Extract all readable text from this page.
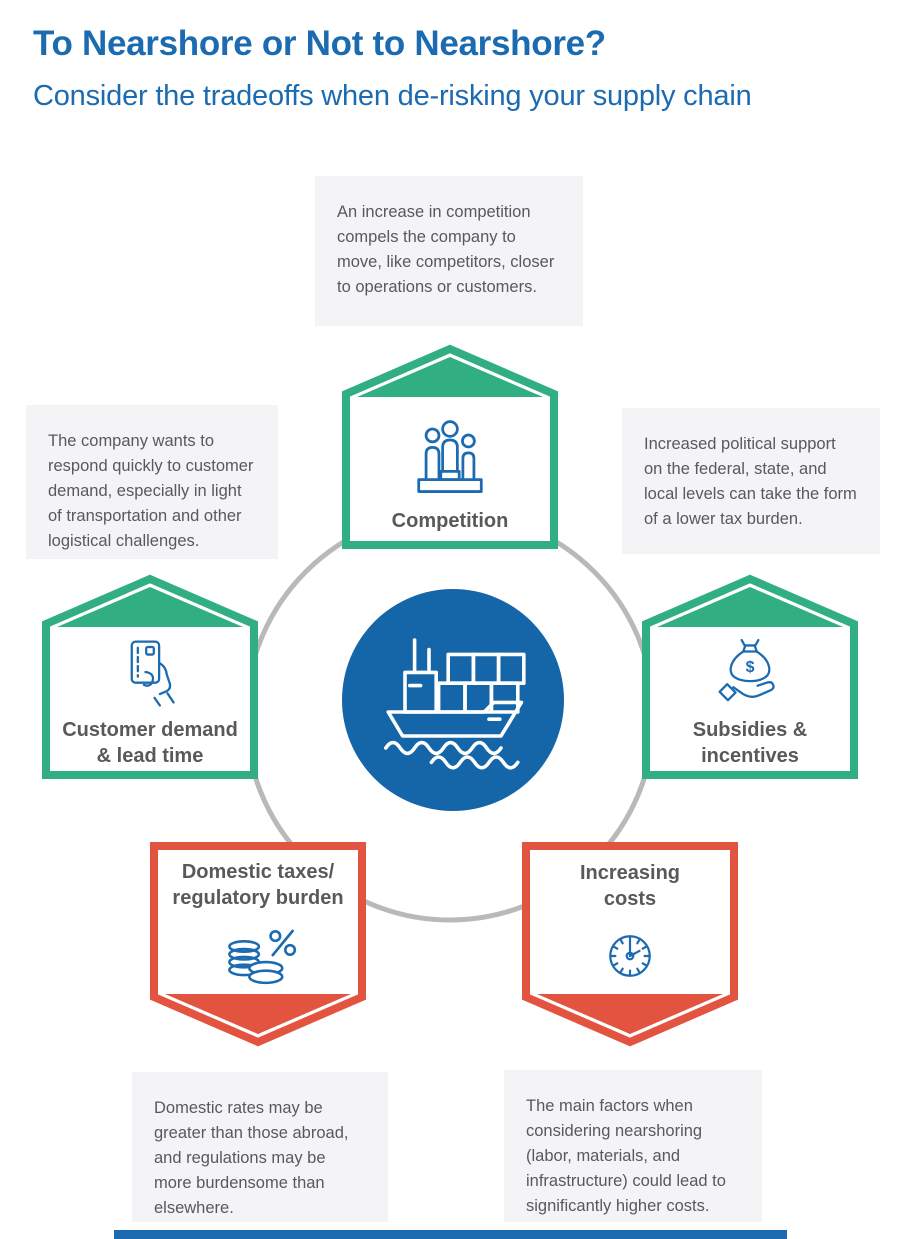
To Nearshore or Not to Nearshore?
Consider the tradeoffs when de-risking your supply chain

An increase in competition compels the company to move, like competitors, closer to operations or customers.

The company wants to respond quickly to customer demand, especially in light of transportation and other logistical challenges.

Increased political support on the federal, state, and local levels can take the form of a lower tax burden.

Domestic rates may be greater than those abroad, and regulations may be more burdensome than elsewhere.

The main factors when considering nearshoring (labor, materials, and infrastructure) could lead to significantly higher costs.

Competition
Customer demand
& lead time
$
Subsidies &
incentives
Domestic taxes/
regulatory burden
Increasing
costs
